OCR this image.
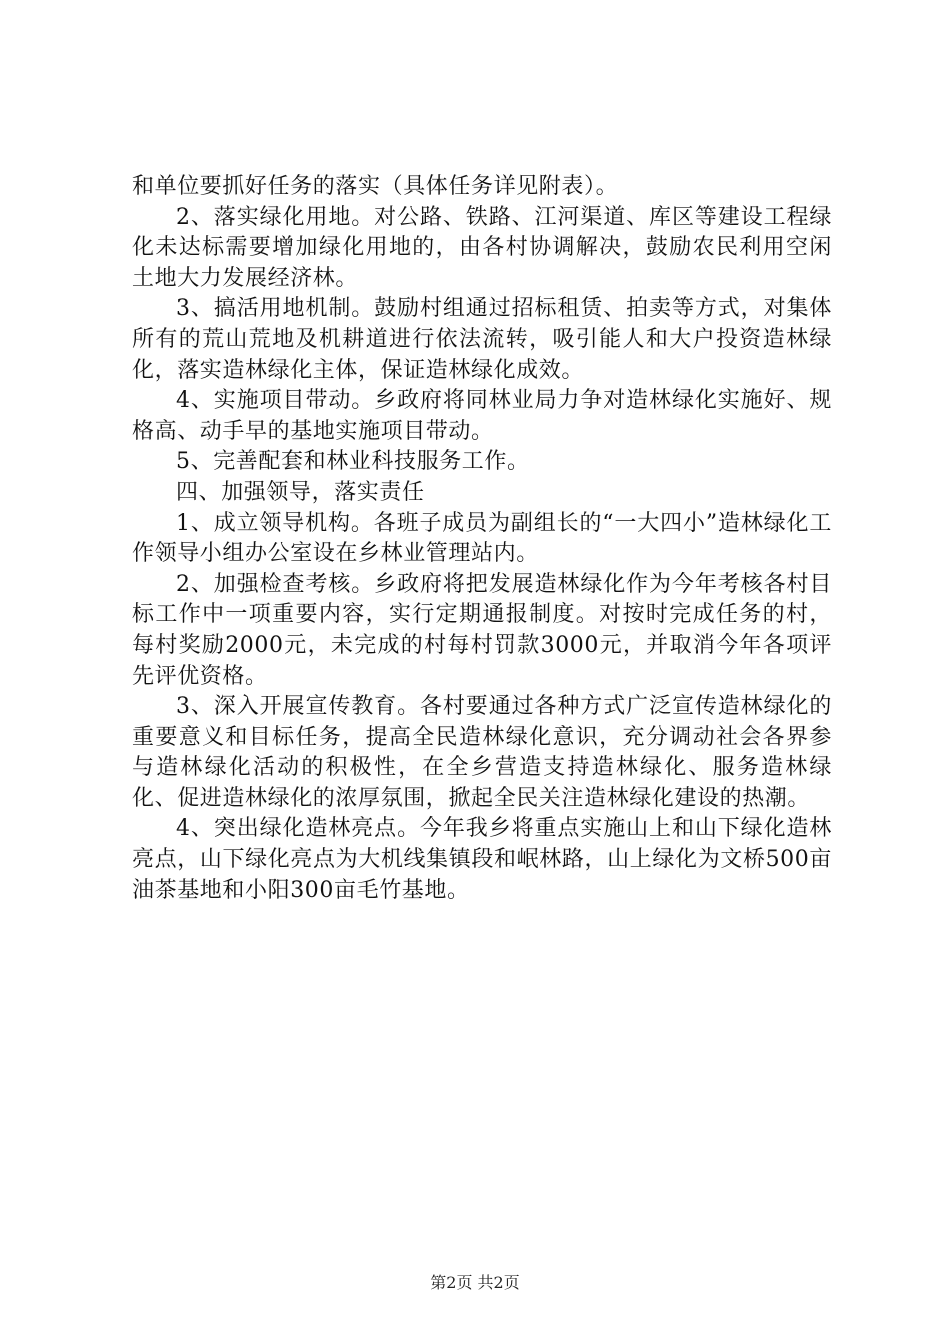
和单位要抓好任务的落实（具体任务详见附表）。

2、落实绿化用地。对公路、铁路、江河渠道、库区等建设工程绿化未达标需要增加绿化用地的，由各村协调解决，鼓励农民利用空闲土地大力发展经济林。

3、搞活用地机制。鼓励村组通过招标租赁、拍卖等方式，对集体所有的荒山荒地及机耕道进行依法流转，吸引能人和大户投资造林绿化，落实造林绿化主体，保证造林绿化成效。

4、实施项目带动。乡政府将同林业局力争对造林绿化实施好、规格高、动手早的基地实施项目带动。

5、完善配套和林业科技服务工作。

四、加强领导，落实责任

1、成立领导机构。各班子成员为副组长的“一大四小”造林绿化工作领导小组办公室设在乡林业管理站内。

2、加强检查考核。乡政府将把发展造林绿化作为今年考核各村目标工作中一项重要内容，实行定期通报制度。对按时完成任务的村，每村奖励2000元，未完成的村每村罚款3000元，并取消今年各项评先评优资格。

3、深入开展宣传教育。各村要通过各种方式广泛宣传造林绿化的重要意义和目标任务，提高全民造林绿化意识，充分调动社会各界参与造林绿化活动的积极性，在全乡营造支持造林绿化、服务造林绿化、促进造林绿化的浓厚氛围，掀起全民关注造林绿化建设的热潮。

4、突出绿化造林亮点。今年我乡将重点实施山上和山下绿化造林亮点，山下绿化亮点为大机线集镇段和岷林路，山上绿化为文桥500亩油茶基地和小阳300亩毛竹基地。

第2页 共2页
